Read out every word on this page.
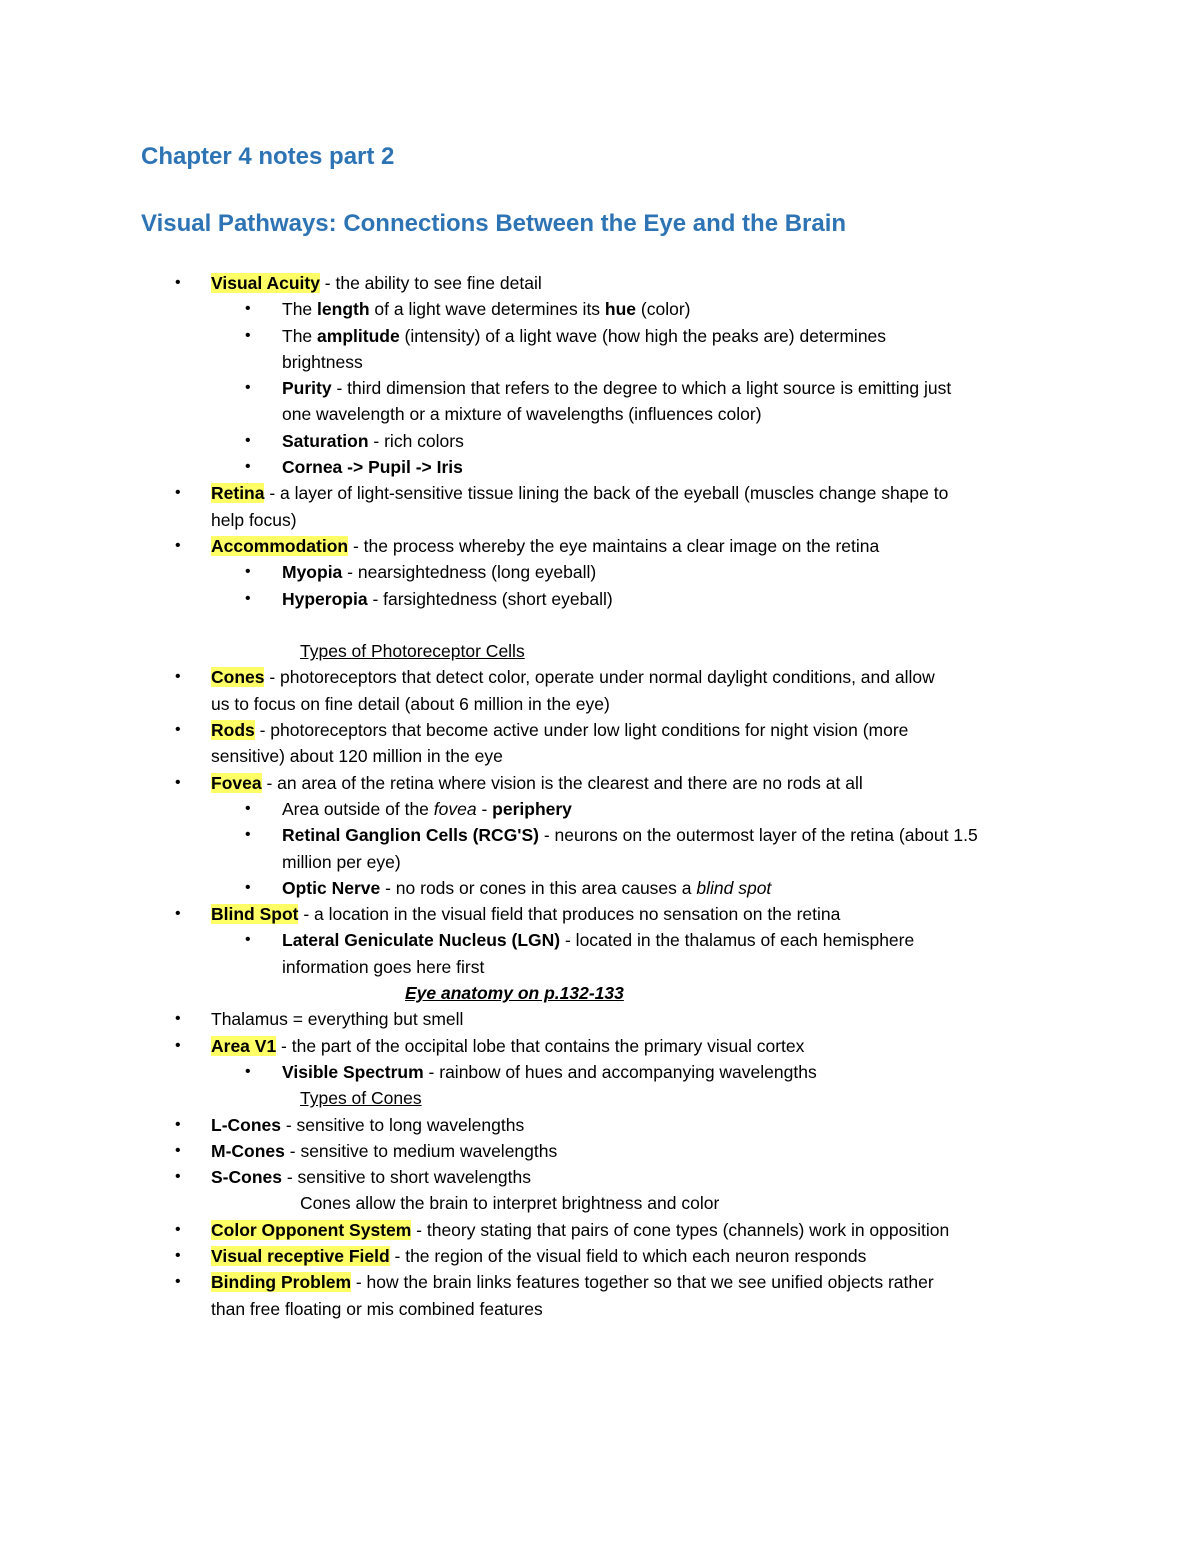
Chapter 4 notes part 2
Visual Pathways: Connections Between the Eye and the Brain
• Visual Acuity - the ability to see fine detail
• The length of a light wave determines its hue (color)
• The amplitude (intensity) of a light wave (how high the peaks are) determines
brightness
• Purity - third dimension that refers to the degree to which a light source is emitting just
one wavelength or a mixture of wavelengths (influences color)
• Saturation - rich colors
• Cornea -> Pupil -> Iris
• Retina - a layer of light-sensitive tissue lining the back of the eyeball (muscles change shape to
help focus)
• Accommodation - the process whereby the eye maintains a clear image on the retina
• Myopia - nearsightedness (long eyeball)
• Hyperopia - farsightedness (short eyeball)
Types of Photoreceptor Cells
• Cones - photoreceptors that detect color, operate under normal daylight conditions, and allow
us to focus on fine detail (about 6 million in the eye)
• Rods - photoreceptors that become active under low light conditions for night vision (more
sensitive) about 120 million in the eye
• Fovea - an area of the retina where vision is the clearest and there are no rods at all
• Area outside of the fovea - periphery
• Retinal Ganglion Cells (RCG'S) - neurons on the outermost layer of the retina (about 1.5
million per eye)
• Optic Nerve - no rods or cones in this area causes a blind spot
• Blind Spot - a location in the visual field that produces no sensation on the retina
• Lateral Geniculate Nucleus (LGN) - located in the thalamus of each hemisphere
information goes here first
Eye anatomy on p.132-133
• Thalamus = everything but smell
• Area V1 - the part of the occipital lobe that contains the primary visual cortex
• Visible Spectrum - rainbow of hues and accompanying wavelengths
Types of Cones
• L-Cones - sensitive to long wavelengths
• M-Cones - sensitive to medium wavelengths
• S-Cones - sensitive to short wavelengths
Cones allow the brain to interpret brightness and color
• Color Opponent System - theory stating that pairs of cone types (channels) work in opposition
• Visual receptive Field - the region of the visual field to which each neuron responds
• Binding Problem - how the brain links features together so that we see unified objects rather
than free floating or mis combined features
